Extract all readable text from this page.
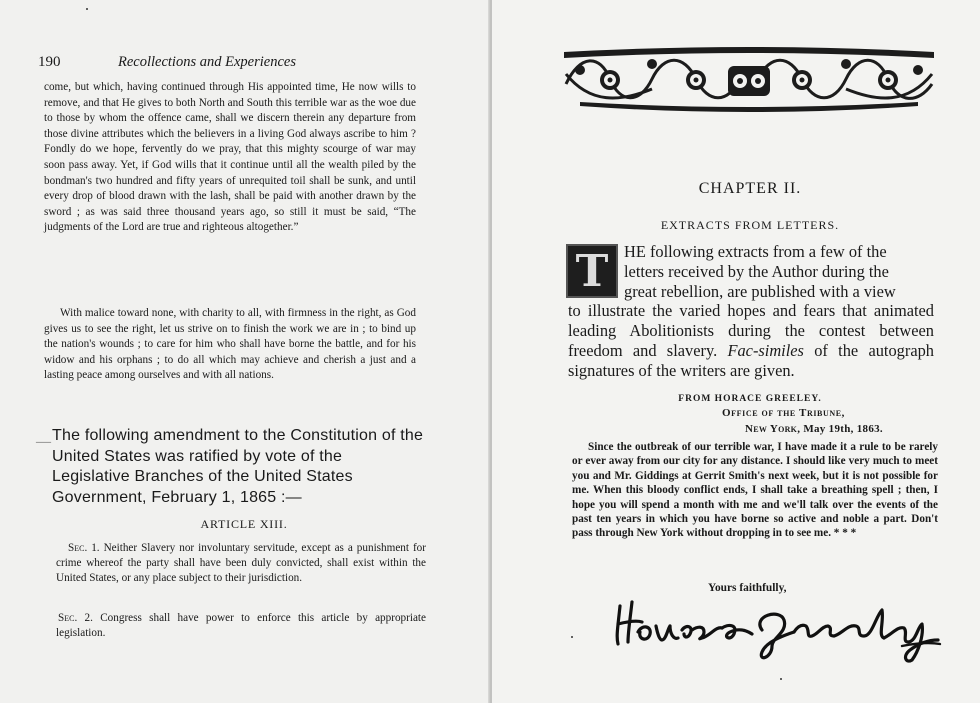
190	Recollections and Experiences

come, but which, having continued through His appointed time, He now wills to remove, and that He gives to both North and South this terrible war as the woe due to those by whom the offence came, shall we discern therein any departure from those divine attributes which the believers in a living God always ascribe to him ? Fondly do we hope, fervently do we pray, that this mighty scourge of war may soon pass away. Yet, if God wills that it continue until all the wealth piled by the bondman's two hundred and fifty years of unrequited toil shall be sunk, and until every drop of blood drawn with the lash, shall be paid with another drawn by the sword ; as was said three thousand years ago, so still it must be said, “The judgments of the Lord are true and righteous altogether.”

With malice toward none, with charity to all, with firmness in the right, as God gives us to see the right, let us strive on to finish the work we are in ; to bind up the nation's wounds ; to care for him who shall have borne the battle, and for his widow and his orphans ; to do all which may achieve and cherish a just and a lasting peace among ourselves and with all nations.

— The following amendment to the Constitution of the United States was ratified by vote of the Legislative Branches of the United States Government, February 1, 1865 :—

ARTICLE XIII.

Sec. 1. Neither Slavery nor involuntary servitude, except as a punishment for crime whereof the party shall have been duly convicted, shall exist within the United States, or any place subject to their jurisdiction.

Sec. 2. Congress shall have power to enforce this article by appropriate legislation.

CHAPTER II.
EXTRACTS FROM LETTERS.
T HE following extracts from a few of the
letters received by the Author during the
great rebellion, are published with a view
to illustrate the varied hopes and fears that animated leading Abolitionists during the contest between freedom and slavery. Fac-similes of the autograph signatures of the writers are given.

FROM HORACE GREELEY.
Office of the Tribune,
New York, May 19th, 1863.

Since the outbreak of our terrible war, I have made it a rule to be rarely or ever away from our city for any distance. I should like very much to meet you and Mr. Giddings at Gerrit Smith's next week, but it is not possible for me. When this bloody conflict ends, I shall take a breathing spell ; then, I hope you will spend a month with me and we'll talk over the events of the past ten years in which you have borne so active and noble a part. Don't pass through New York without dropping in to see me. * * *

Yours faithfully,
